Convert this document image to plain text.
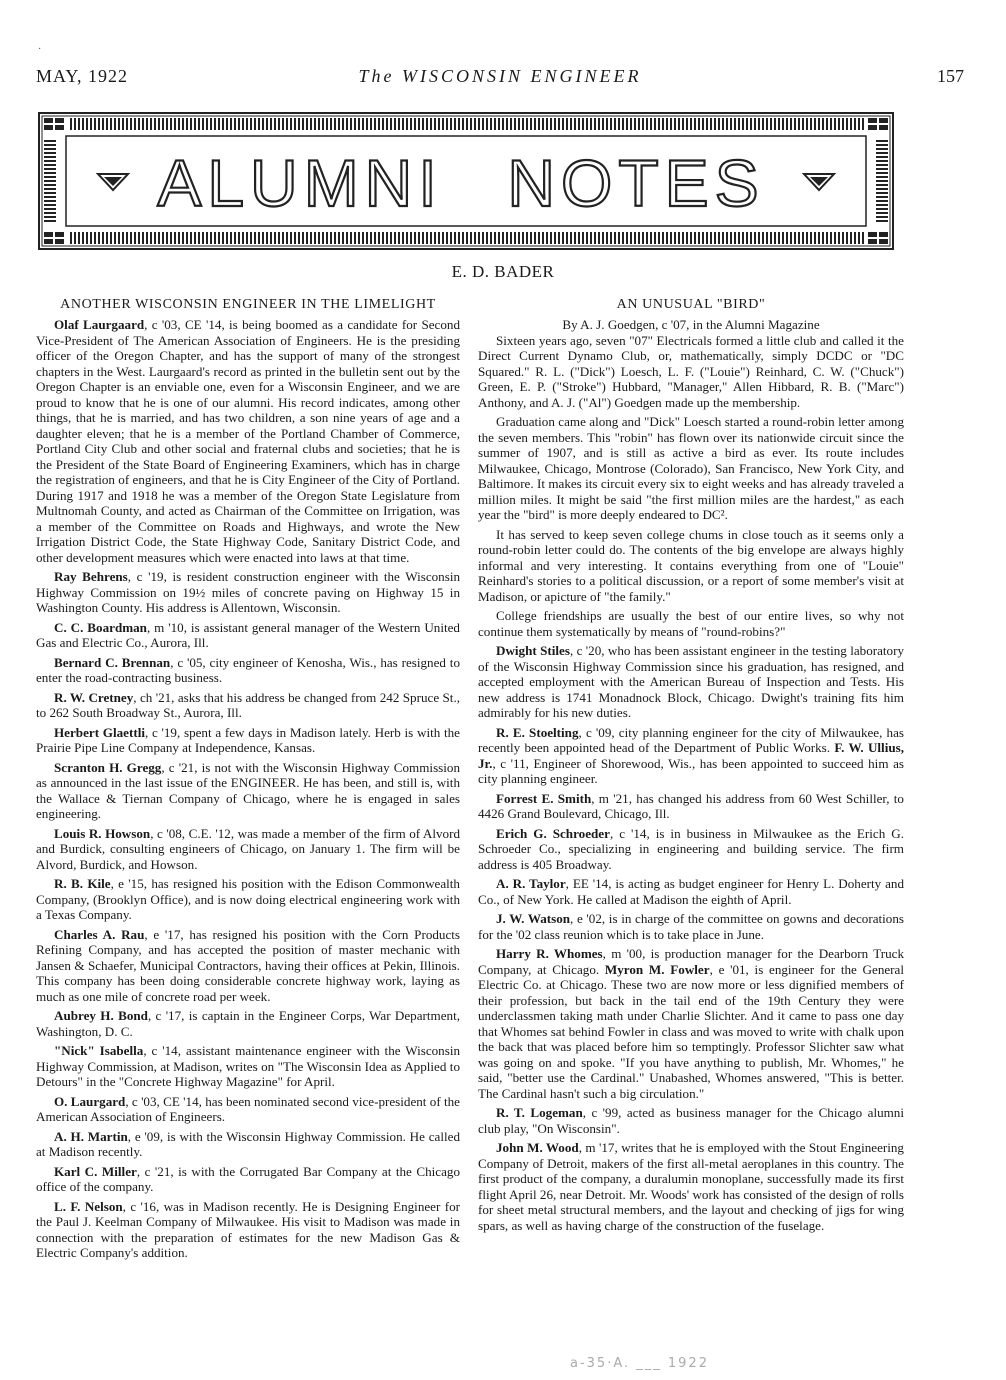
·
MAY, 1922	The WISCONSIN ENGINEER	157
ALUMNI NOTES
E. D. BADER
ANOTHER WISCONSIN ENGINEER IN THE LIMELIGHT

Olaf Laurgaard, c '03, CE '14, is being boomed as a candidate for Second Vice-President of The American Association of Engineers. He is the presiding officer of the Oregon Chapter, and has the support of many of the strongest chapters in the West. Laurgaard's record as printed in the bulletin sent out by the Oregon Chapter is an enviable one, even for a Wisconsin Engineer, and we are proud to know that he is one of our alumni. His record indicates, among other things, that he is married, and has two children, a son nine years of age and a daughter eleven; that he is a member of the Portland Chamber of Commerce, Portland City Club and other social and fraternal clubs and societies; that he is the President of the State Board of Engineering Examiners, which has in charge the registration of engineers, and that he is City Engineer of the City of Portland. During 1917 and 1918 he was a member of the Oregon State Legislature from Multnomah County, and acted as Chairman of the Committee on Irrigation, was a member of the Committee on Roads and Highways, and wrote the New Irrigation District Code, the State Highway Code, Sanitary District Code, and other development measures which were enacted into laws at that time.

Ray Behrens, c '19, is resident construction engineer with the Wisconsin Highway Commission on 19½ miles of concrete paving on Highway 15 in Washington County. His address is Allentown, Wisconsin.

C. C. Boardman, m '10, is assistant general manager of the Western United Gas and Electric Co., Aurora, Ill.

Bernard C. Brennan, c '05, city engineer of Kenosha, Wis., has resigned to enter the road-contracting business.

R. W. Cretney, ch '21, asks that his address be changed from 242 Spruce St., to 262 South Broadway St., Aurora, Ill.

Herbert Glaettli, c '19, spent a few days in Madison lately. Herb is with the Prairie Pipe Line Company at Independence, Kansas.

Scranton H. Gregg, c '21, is not with the Wisconsin Highway Commission as announced in the last issue of the ENGINEER. He has been, and still is, with the Wallace & Tiernan Company of Chicago, where he is engaged in sales engineering.

Louis R. Howson, c '08, C.E. '12, was made a member of the firm of Alvord and Burdick, consulting engineers of Chicago, on January 1. The firm will be Alvord, Burdick, and Howson.

R. B. Kile, e '15, has resigned his position with the Edison Commonwealth Company, (Brooklyn Office), and is now doing electrical engineering work with a Texas Company.

Charles A. Rau, e '17, has resigned his position with the Corn Products Refining Company, and has accepted the position of master mechanic with Jansen & Schaefer, Municipal Contractors, having their offices at Pekin, Illinois. This company has been doing considerable concrete highway work, laying as much as one mile of concrete road per week.

Aubrey H. Bond, c '17, is captain in the Engineer Corps, War Department, Washington, D. C.

"Nick" Isabella, c '14, assistant maintenance engineer with the Wisconsin Highway Commission, at Madison, writes on "The Wisconsin Idea as Applied to Detours" in the "Concrete Highway Magazine" for April.

O. Laurgard, c '03, CE '14, has been nominated second vice-president of the American Association of Engineers.

A. H. Martin, e '09, is with the Wisconsin Highway Commission. He called at Madison recently.

Karl C. Miller, c '21, is with the Corrugated Bar Company at the Chicago office of the company.

L. F. Nelson, c '16, was in Madison recently. He is Designing Engineer for the Paul J. Keelman Company of Milwaukee. His visit to Madison was made in connection with the preparation of estimates for the new Madison Gas & Electric Company's addition.

AN UNUSUAL "BIRD"

By A. J. Goedgen, c '07, in the Alumni Magazine

Sixteen years ago, seven "07" Electricals formed a little club and called it the Direct Current Dynamo Club, or, mathematically, simply DCDC or "DC Squared." R. L. ("Dick") Loesch, L. F. ("Louie") Reinhard, C. W. ("Chuck") Green, E. P. ("Stroke") Hubbard, "Manager," Allen Hibbard, R. B. ("Marc") Anthony, and A. J. ("Al") Goedgen made up the membership.

Graduation came along and "Dick" Loesch started a round-robin letter among the seven members. This "robin" has flown over its nationwide circuit since the summer of 1907, and is still as active a bird as ever. Its route includes Milwaukee, Chicago, Montrose (Colorado), San Francisco, New York City, and Baltimore. It makes its circuit every six to eight weeks and has already traveled a million miles. It might be said "the first million miles are the hardest," as each year the "bird" is more deeply endeared to DC².

It has served to keep seven college chums in close touch as it seems only a round-robin letter could do. The contents of the big envelope are always highly informal and very interesting. It contains everything from one of "Louie" Reinhard's stories to a political discussion, or a report of some member's visit at Madison, or apicture of "the family."

College friendships are usually the best of our entire lives, so why not continue them systematically by means of "round-robins?"

Dwight Stiles, c '20, who has been assistant engineer in the testing laboratory of the Wisconsin Highway Commission since his graduation, has resigned, and accepted employment with the American Bureau of Inspection and Tests. His new address is 1741 Monadnock Block, Chicago. Dwight's training fits him admirably for his new duties.

R. E. Stoelting, c '09, city planning engineer for the city of Milwaukee, has recently been appointed head of the Department of Public Works. F. W. Ullius, Jr., c '11, Engineer of Shorewood, Wis., has been appointed to succeed him as city planning engineer.

Forrest E. Smith, m '21, has changed his address from 60 West Schiller, to 4426 Grand Boulevard, Chicago, Ill.

Erich G. Schroeder, c '14, is in business in Milwaukee as the Erich G. Schroeder Co., specializing in engineering and building service. The firm address is 405 Broadway.

A. R. Taylor, EE '14, is acting as budget engineer for Henry L. Doherty and Co., of New York. He called at Madison the eighth of April.

J. W. Watson, e '02, is in charge of the committee on gowns and decorations for the '02 class reunion which is to take place in June.

Harry R. Whomes, m '00, is production manager for the Dearborn Truck Company, at Chicago. Myron M. Fowler, e '01, is engineer for the General Electric Co. at Chicago. These two are now more or less dignified members of their profession, but back in the tail end of the 19th Century they were underclassmen taking math under Charlie Slichter. And it came to pass one day that Whomes sat behind Fowler in class and was moved to write with chalk upon the back that was placed before him so temptingly. Professor Slichter saw what was going on and spoke. "If you have anything to publish, Mr. Whomes," he said, "better use the Cardinal." Unabashed, Whomes answered, "This is better. The Cardinal hasn't such a big circulation."

R. T. Logeman, c '99, acted as business manager for the Chicago alumni club play, "On Wisconsin".

John M. Wood, m '17, writes that he is employed with the Stout Engineering Company of Detroit, makers of the first all-metal aeroplanes in this country. The first product of the company, a duralumin monoplane, successfully made its first flight April 26, near Detroit. Mr. Woods' work has consisted of the design of rolls for sheet metal structural members, and the layout and checking of jigs for wing spars, as well as having charge of the construction of the fuselage.

a-35·A. ___ 1922
